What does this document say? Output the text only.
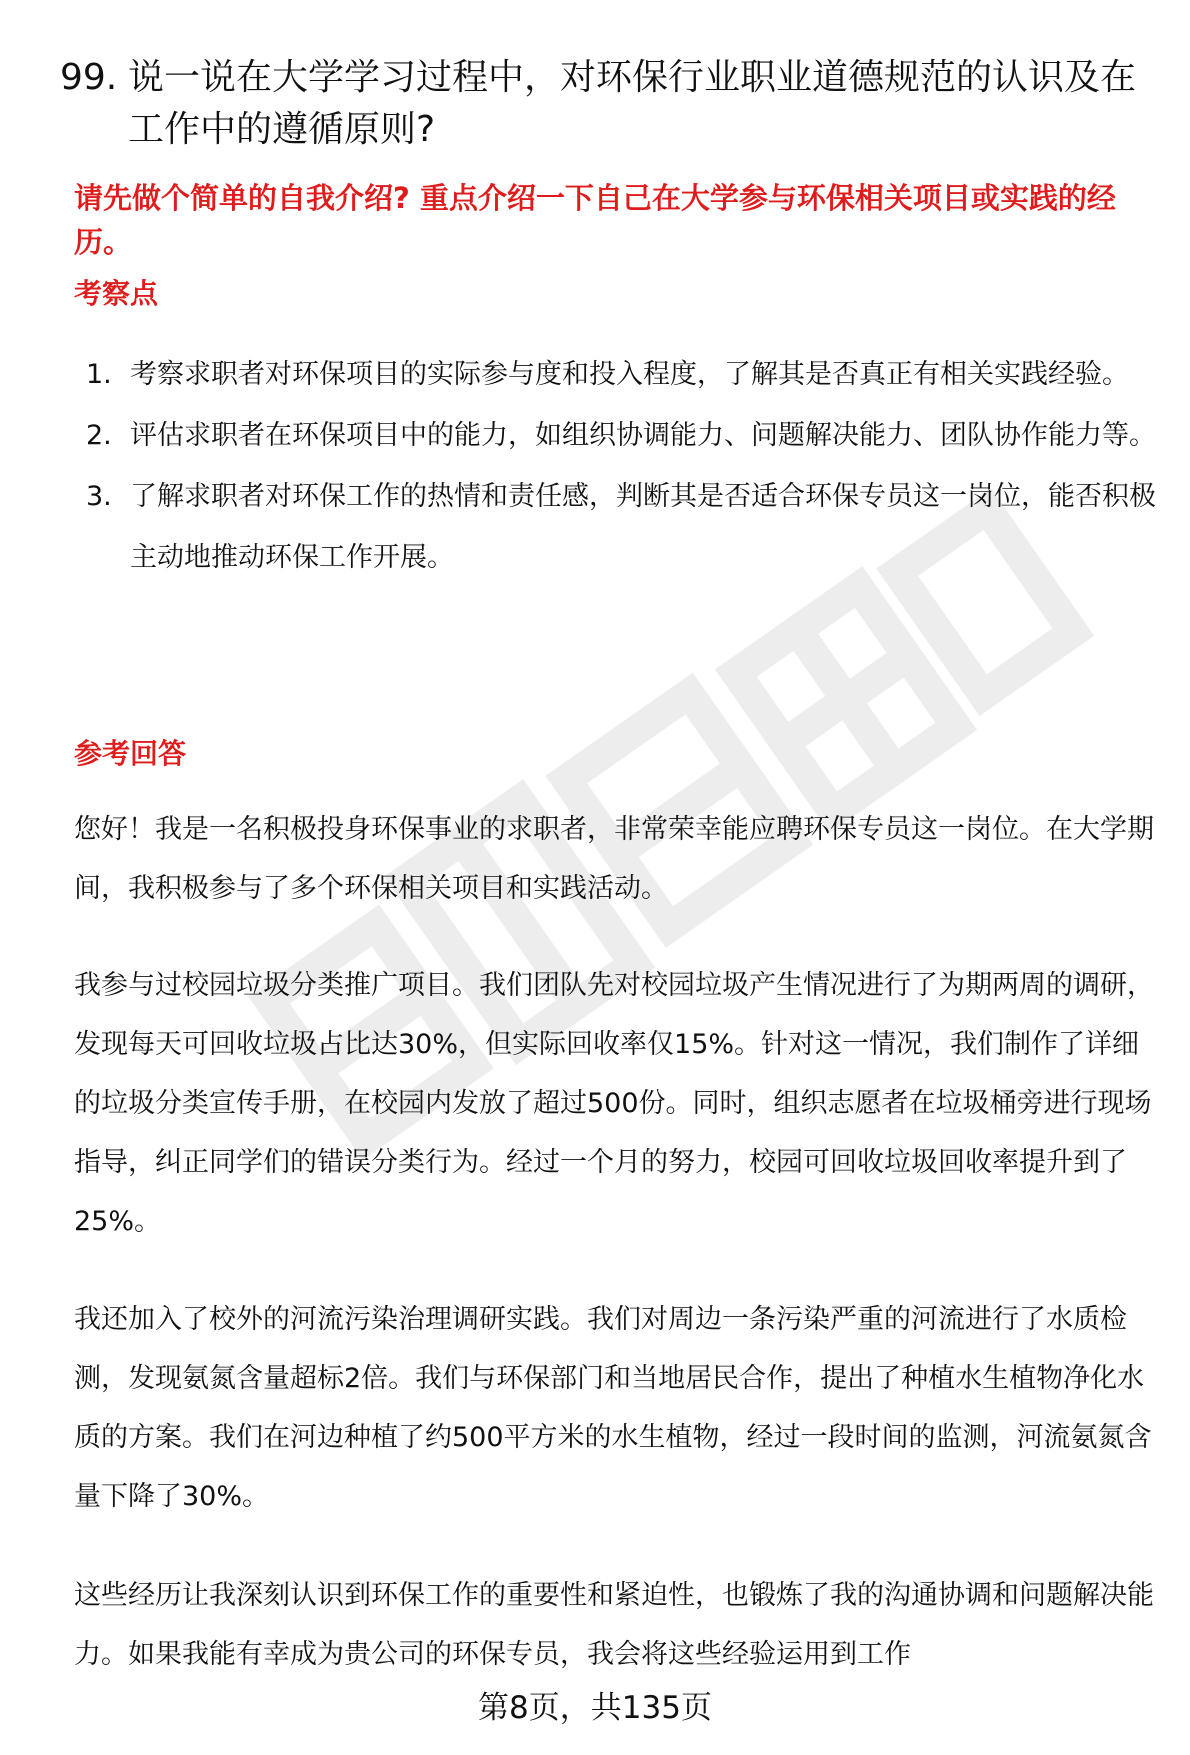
99. 说一说在大学学习过程中，对环保行业职业道德规范的认识及在工作中的遵循原则?
请先做个简单的自我介绍? 重点介绍一下自己在大学参与环保相关项目或实践的经历。
考察点
1. 考察求职者对环保项目的实际参与度和投入程度，了解其是否真正有相关实践经验。
2. 评估求职者在环保项目中的能力，如组织协调能力、问题解决能力、团队协作能力等。
3. 了解求职者对环保工作的热情和责任感，判断其是否适合环保专员这一岗位，能否积极主动地推动环保工作开展。
参考回答

您好！我是一名积极投身环保事业的求职者，非常荣幸能应聘环保专员这一岗位。在大学期间，我积极参与了多个环保相关项目和实践活动。

我参与过校园垃圾分类推广项目。我们团队先对校园垃圾产生情况进行了为期两周的调研，发现每天可回收垃圾占比达30%，但实际回收率仅15%。针对这一情况，我们制作了详细的垃圾分类宣传手册，在校园内发放了超过500份。同时，组织志愿者在垃圾桶旁进行现场指导，纠正同学们的错误分类行为。经过一个月的努力，校园可回收垃圾回收率提升到了25%。

我还加入了校外的河流污染治理调研实践。我们对周边一条污染严重的河流进行了水质检测，发现氨氮含量超标2倍。我们与环保部门和当地居民合作，提出了种植水生植物净化水质的方案。我们在河边种植了约500平方米的水生植物，经过一段时间的监测，河流氨氮含量下降了30%。

这些经历让我深刻认识到环保工作的重要性和紧迫性，也锻炼了我的沟通协调和问题解决能力。如果我能有幸成为贵公司的环保专员，我会将这些经验运用到工作

第8页，共135页
